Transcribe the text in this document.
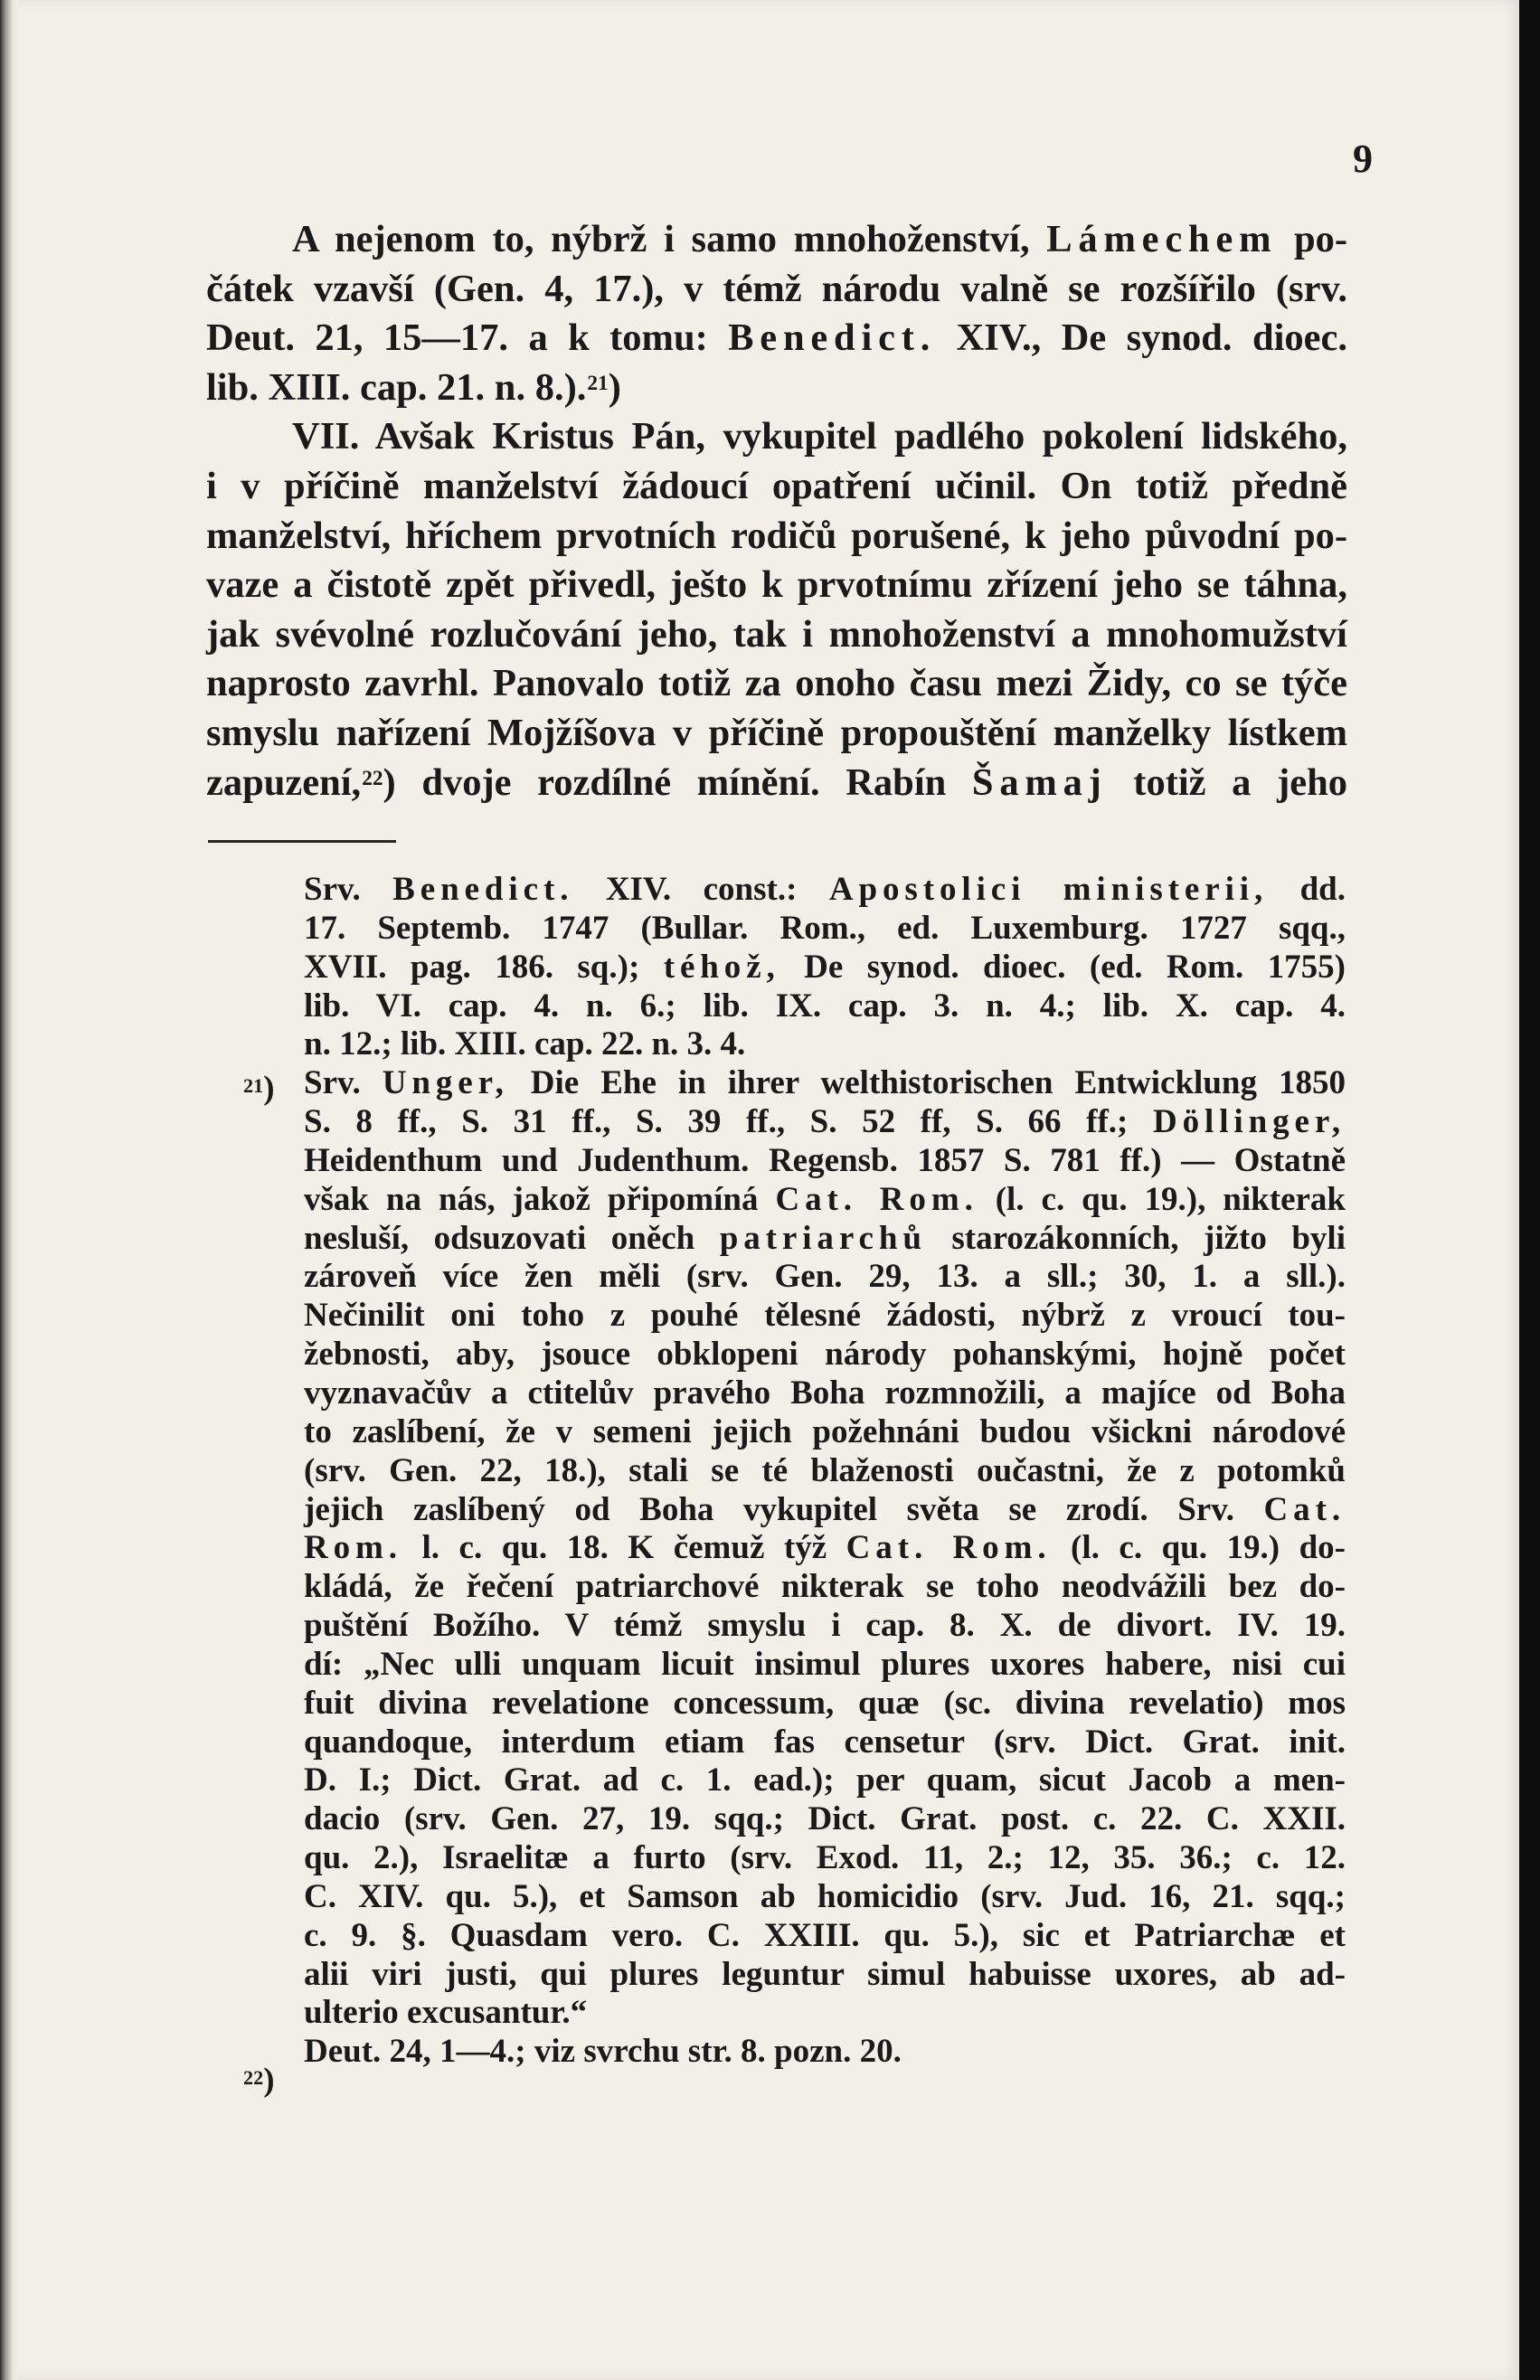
9
A nejenom to, nýbrž i samo mnohoženství, Lámechem po-
čátek vzavší (Gen. 4, 17.), v témž národu valně se rozšířilo (srv.
Deut. 21, 15—17. a k tomu: Benedict. XIV., De synod. dioec.
lib. XIII. cap. 21. n. 8.).$^{21}$)
VII. Avšak Kristus Pán, vykupitel padlého pokolení lidského,
i v příčině manželství žádoucí opatření učinil. On totiž předně
manželství, hříchem prvotních rodičů porušené, k jeho původní po-
vaze a čistotě zpět přivedl, ješto k prvotnímu zřízení jeho se táhna,
jak svévolné rozlučování jeho, tak i mnohoženství a mnohomužství
naprosto zavrhl. Panovalo totiž za onoho času mezi Židy, co se týče
smyslu nařízení Mojžíšova v příčině propouštění manželky lístkem
zapuzení,$^{22}$) dvoje rozdílné mínění. Rabín Šamaj totiž a jeho
$^{21}$)
$^{22}$)
Srv. Benedict. XIV. const.: Apostolici ministerii, dd.
17. Septemb. 1747 (Bullar. Rom., ed. Luxemburg. 1727 sqq.,
XVII. pag. 186. sq.); téhož, De synod. dioec. (ed. Rom. 1755)
lib. VI. cap. 4. n. 6.; lib. IX. cap. 3. n. 4.; lib. X. cap. 4.
n. 12.; lib. XIII. cap. 22. n. 3. 4.
Srv. Unger, Die Ehe in ihrer welthistorischen Entwicklung 1850
S. 8 ff., S. 31 ff., S. 39 ff., S. 52 ff, S. 66 ff.; Döllinger,
Heidenthum und Judenthum. Regensb. 1857 S. 781 ff.) — Ostatně
však na nás, jakož připomíná Cat. Rom. (l. c. qu. 19.), nikterak
nesluší, odsuzovati oněch patriarchů starozákonních, jižto byli
zároveň více žen měli (srv. Gen. 29, 13. a sll.; 30, 1. a sll.).
Nečinilit oni toho z pouhé tělesné žádosti, nýbrž z vroucí tou-
žebnosti, aby, jsouce obklopeni národy pohanskými, hojně počet
vyznavačův a ctitelův pravého Boha rozmnožili, a majíce od Boha
to zaslíbení, že v semeni jejich požehnáni budou všickni národové
(srv. Gen. 22, 18.), stali se té blaženosti oučastni, že z potomků
jejich zaslíbený od Boha vykupitel světa se zrodí. Srv. Cat.
Rom. l. c. qu. 18. K čemuž týž Cat. Rom. (l. c. qu. 19.) do-
kládá, že řečení patriarchové nikterak se toho neodvážili bez do-
puštění Božího. V témž smyslu i cap. 8. X. de divort. IV. 19.
dí: „Nec ulli unquam licuit insimul plures uxores habere, nisi cui
fuit divina revelatione concessum, quæ (sc. divina revelatio) mos
quandoque, interdum etiam fas censetur (srv. Dict. Grat. init.
D. I.; Dict. Grat. ad c. 1. ead.); per quam, sicut Jacob a men-
dacio (srv. Gen. 27, 19. sqq.; Dict. Grat. post. c. 22. C. XXII.
qu. 2.), Israelitæ a furto (srv. Exod. 11, 2.; 12, 35. 36.; c. 12.
C. XIV. qu. 5.), et Samson ab homicidio (srv. Jud. 16, 21. sqq.;
c. 9. §. Quasdam vero. C. XXIII. qu. 5.), sic et Patriarchæ et
alii viri justi, qui plures leguntur simul habuisse uxores, ab ad-
ulterio excusantur.“
Deut. 24, 1—4.; viz svrchu str. 8. pozn. 20.
